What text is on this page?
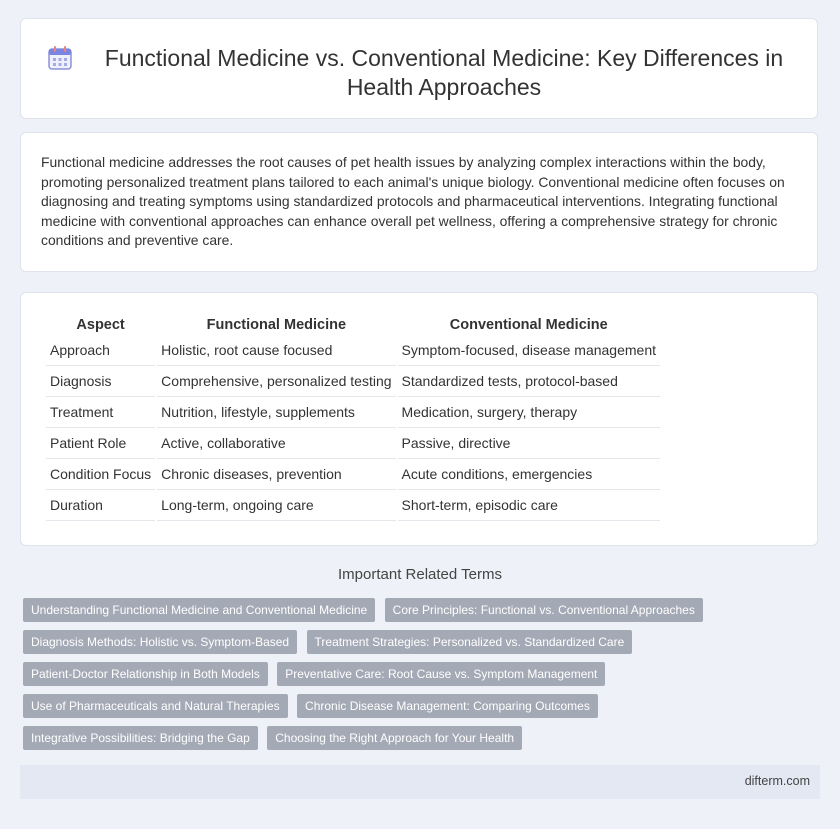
Functional Medicine vs. Conventional Medicine: Key Differences in Health Approaches

Functional medicine addresses the root causes of pet health issues by analyzing complex interactions within the body, promoting personalized treatment plans tailored to each animal's unique biology. Conventional medicine often focuses on diagnosing and treating symptoms using standardized protocols and pharmaceutical interventions. Integrating functional medicine with conventional approaches can enhance overall pet wellness, offering a comprehensive strategy for chronic conditions and preventive care.

Aspect	Functional Medicine	Conventional Medicine
Approach	Holistic, root cause focused	Symptom-focused, disease management
Diagnosis	Comprehensive, personalized testing	Standardized tests, protocol-based
Treatment	Nutrition, lifestyle, supplements	Medication, surgery, therapy
Patient Role	Active, collaborative	Passive, directive
Condition Focus	Chronic diseases, prevention	Acute conditions, emergencies
Duration	Long-term, ongoing care	Short-term, episodic care
Important Related Terms
Understanding Functional Medicine and Conventional Medicine Core Principles: Functional vs. Conventional Approaches Diagnosis Methods: Holistic vs. Symptom-Based Treatment Strategies: Personalized vs. Standardized Care Patient-Doctor Relationship in Both Models Preventative Care: Root Cause vs. Symptom Management Use of Pharmaceuticals and Natural Therapies Chronic Disease Management: Comparing Outcomes Integrative Possibilities: Bridging the Gap Choosing the Right Approach for Your Health
difterm.com
